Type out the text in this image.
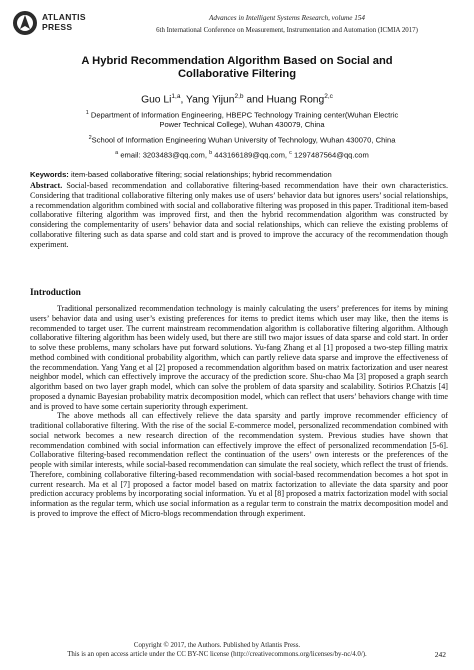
ATLANTIS PRESS
Advances in Intelligent Systems Research, volume 154
6th International Conference on Measurement, Instrumentation and Automation (ICMIA 2017)
A Hybrid Recommendation Algorithm Based on Social and
Collaborative Filtering
Guo Li$^{1,a}$, Yang Yijun$^{2,b}$ and Huang Rong$^{2,c}$
$^1$ Department of Information Engineering, HBEPC Technology Training center(Wuhan Electric
Power Technical College), Wuhan 430079, China
$^2$School of Information Engineering Wuhan University of Technology, Wuhan 430070, China
$^a$ email: 3203483@qq.com, $^b$ 443166189@qq.com, $^c$ 1297487564@qq.com
Keywords: item-based collaborative filtering; social relationships; hybrid recommendation
Abstract. Social-based recommendation and collaborative filtering-based recommendation have their own characteristics. Considering that traditional collaborative filtering only makes use of users’ behavior data but ignores users’ social relationships, a recommendation algorithm combined with social and collaborative filtering was proposed in this paper. Traditional item-based collaborative filtering algorithm was improved first, and then the hybrid recommendation algorithm was constructed by considering the complementarity of users’ behavior data and social relationships, which can relieve the existing problems of collaborative filtering such as data sparse and cold start and is proved to improve the accuracy of the recommendation though experiment.
Introduction

Traditional personalized recommendation technology is mainly calculating the users’ preferences for items by mining users’ behavior data and using user’s existing preferences for items to predict items which user may like, then the items is recommended to target user. The current mainstream recommendation algorithm is collaborative filtering algorithm. Although collaborative filtering algorithm has been widely used, but there are still two major issues of data sparse and cold start. In order to solve these problems, many scholars have put forward solutions. Yu-fang Zhang et al [1] proposed a two-step filling matrix method combined with conditional probability algorithm, which can partly relieve data sparse and improve the effectiveness of the recommendation. Yang Yang et al [2] proposed a recommendation algorithm based on matrix factorization and user nearest neighbor model, which can effectively improve the accuracy of the prediction score. Shu-chao Ma [3] proposed a graph search algorithm based on two layer graph model, which can solve the problem of data sparsity and scalability. Sotirios P.Chatzis [4] proposed a dynamic Bayesian probability matrix decomposition model, which can reflect that users’ behaviors change with time and is proved to have some certain superiority through experiment.

The above methods all can effectively relieve the data sparsity and partly improve recommender efficiency of traditional collaborative filtering. With the rise of the social E-commerce model, personalized recommendation combined with social network becomes a new research direction of the recommendation system. Previous studies have shown that recommendation combined with social information can effectively improve the effect of personalized recommendation [5-6]. Collaborative filtering-based recommendation reflect the continuation of the users’ own interests or the preferences of the people with similar interests, while social-based recommendation can simulate the real society, which reflect the trust of friends. Therefore, combining collaborative filtering-based recommendation with social-based recommendation becomes a hot spot in current research. Ma et al [7] proposed a factor model based on matrix factorization to alleviate the data sparsity and poor prediction accuracy problems by incorporating social information. Yu et al [8] proposed a matrix factorization model with social information as the regular term, which use social information as a regular term to constrain the matrix decomposition model and is proved to improve the effect of Micro-blogs recommendation through experiment.

Copyright © 2017, the Authors. Published by Atlantis Press.
This is an open access article under the CC BY-NC license (http://creativecommons.org/licenses/by-nc/4.0/).	242
